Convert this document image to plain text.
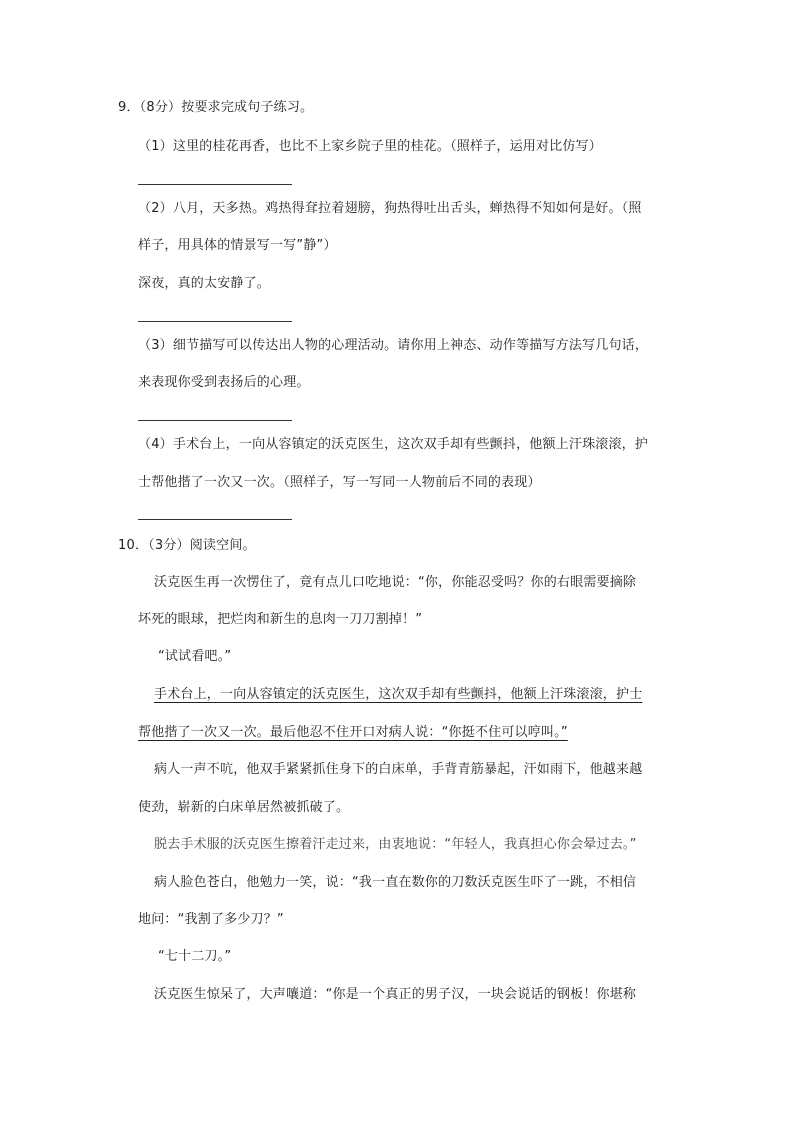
9．（8分）按要求完成句子练习。
（1）这里的桂花再香，也比不上家乡院子里的桂花。（照样子，运用对比仿写）
（2）八月，天多热。鸡热得耷拉着翅膀，狗热得吐出舌头，蝉热得不知如何是好。（照
样子，用具体的情景写一写”静”）
深夜，真的太安静了。
（3）细节描写可以传达出人物的心理活动。请你用上神态、动作等描写方法写几句话，
来表现你受到表扬后的心理。
（4）手术台上，一向从容镇定的沃克医生，这次双手却有些颤抖，他额上汗珠滚滚，护
士帮他揩了一次又一次。（照样子，写一写同一人物前后不同的表现）
10．（3分）阅读空间。
沃克医生再一次愣住了，竟有点儿口吃地说：“你，你能忍受吗？你的右眼需要摘除
坏死的眼球，把烂肉和新生的息肉一刀刀割掉！”
“试试看吧。”
手术台上，一向从容镇定的沃克医生，这次双手却有些颤抖，他额上汗珠滚滚，护士
帮他揩了一次又一次。最后他忍不住开口对病人说：“你挺不住可以哼叫。”
病人一声不吭，他双手紧紧抓住身下的白床单，手背青筋暴起，汗如雨下，他越来越
使劲，崭新的白床单居然被抓破了。
脱去手术服的沃克医生擦着汗走过来，由衷地说：“年轻人，我真担心你会晕过去。”
病人脸色苍白，他勉力一笑，说：“我一直在数你的刀数沃克医生吓了一跳，不相信
地问：“我割了多少刀？”
“七十二刀。”
沃克医生惊呆了，大声嚷道：“你是一个真正的男子汉，一块会说话的钢板！你堪称
